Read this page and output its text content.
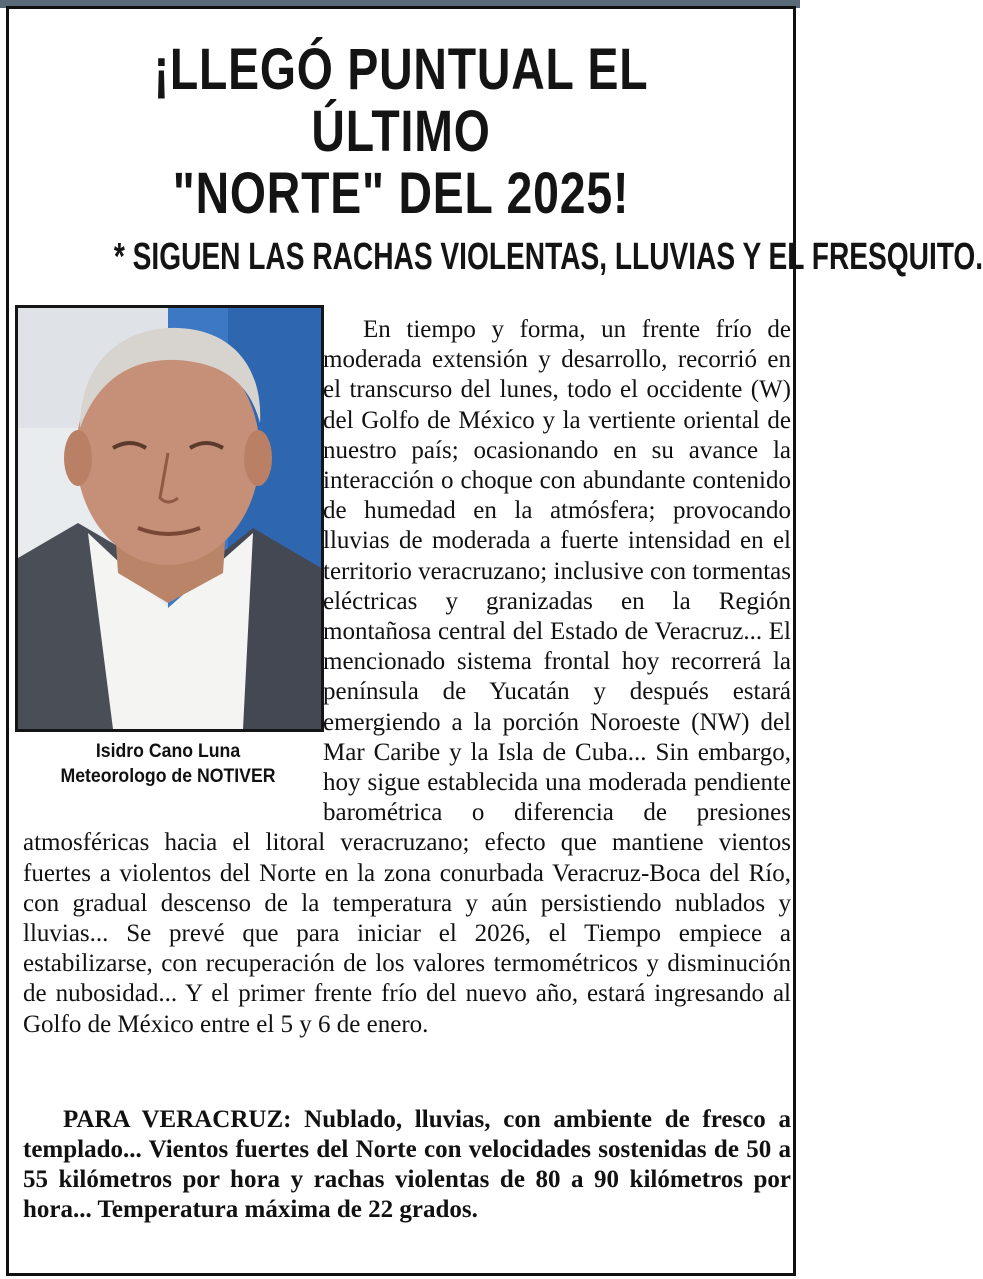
¡LLEGÓ PUNTUAL EL ÚLTIMO
"NORTE" DEL 2025!
* SIGUEN LAS RACHAS VIOLENTAS, LLUVIAS Y EL FRESQUITO.
Isidro Cano Luna
Meteorologo de NOTIVER

En tiempo y forma, un frente frío de moderada extensión y desarrollo, recorrió en el transcurso del lunes, todo el occidente (W) del Golfo de México y la vertiente oriental de nuestro país; ocasionando en su avance la interacción o choque con abundante contenido de humedad en la atmósfera; provocando lluvias de moderada a fuerte intensidad en el territorio veracruzano; inclusive con tormentas eléctricas y granizadas en la Región montañosa central del Estado de Veracruz... El mencionado sistema frontal hoy recorrerá la península de Yucatán y después estará emergiendo a la porción Noroeste (NW) del Mar Caribe y la Isla de Cuba... Sin embargo, hoy sigue establecida una moderada pendiente barométrica o diferencia de presiones atmosféricas hacia el litoral veracruzano; efecto que mantiene vientos fuertes a violentos del Norte en la zona conurbada Veracruz-Boca del Río, con gradual descenso de la temperatura y aún persistiendo nublados y lluvias... Se prevé que para iniciar el 2026, el Tiempo empiece a estabilizarse, con recuperación de los valores termométricos y disminución de nubosidad... Y el primer frente frío del nuevo año, estará ingresando al Golfo de México entre el 5 y 6 de enero.

PARA VERACRUZ: Nublado, lluvias, con ambiente de fresco a templado... Vientos fuertes del Norte con velocidades sostenidas de 50 a 55 kilómetros por hora y rachas violentas de 80 a 90 kilómetros por hora... Temperatura máxima de 22 grados.
